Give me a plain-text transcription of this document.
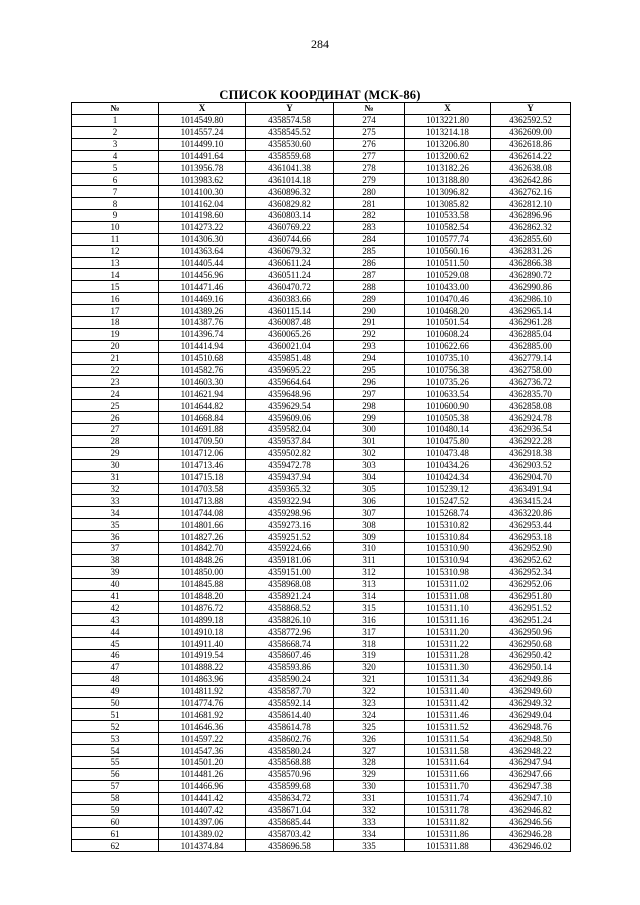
284
СПИСОК КООРДИНАТ (МСК-86)
№	X	Y	№	X	Y
1	1014549.80	4358574.58	274	1013221.80	4362592.52
2	1014557.24	4358545.52	275	1013214.18	4362609.00
3	1014499.10	4358530.60	276	1013206.80	4362618.86
4	1014491.64	4358559.68	277	1013200.62	4362614.22
5	1013956.78	4361041.38	278	1013182.26	4362638.08
6	1013983.62	4361014.18	279	1013188.80	4362642.86
7	1014100.30	4360896.32	280	1013096.82	4362762.16
8	1014162.04	4360829.82	281	1013085.82	4362812.10
9	1014198.60	4360803.14	282	1010533.58	4362896.96
10	1014273.22	4360769.22	283	1010582.54	4362862.32
11	1014306.30	4360744.66	284	1010577.74	4362855.60
12	1014363.64	4360679.32	285	1010560.16	4362831.26
13	1014405.44	4360611.24	286	1010511.50	4362866.38
14	1014456.96	4360511.24	287	1010529.08	4362890.72
15	1014471.46	4360470.72	288	1010433.00	4362990.86
16	1014469.16	4360383.66	289	1010470.46	4362986.10
17	1014389.26	4360115.14	290	1010468.20	4362965.14
18	1014387.76	4360087.48	291	1010501.54	4362961.28
19	1014396.74	4360065.26	292	1010608.24	4362885.04
20	1014414.94	4360021.04	293	1010622.66	4362885.00
21	1014510.68	4359851.48	294	1010735.10	4362779.14
22	1014582.76	4359695.22	295	1010756.38	4362758.00
23	1014603.30	4359664.64	296	1010735.26	4362736.72
24	1014621.94	4359648.96	297	1010633.54	4362835.70
25	1014644.82	4359629.54	298	1010600.90	4362858.08
26	1014668.84	4359609.06	299	1010505.38	4362924.78
27	1014691.88	4359582.04	300	1010480.14	4362936.54
28	1014709.50	4359537.84	301	1010475.80	4362922.28
29	1014712.06	4359502.82	302	1010473.48	4362918.38
30	1014713.46	4359472.78	303	1010434.26	4362903.52
31	1014715.18	4359437.94	304	1010424.34	4362904.70
32	1014703.58	4359365.32	305	1015239.12	4363491.94
33	1014713.88	4359322.94	306	1015247.52	4363415.24
34	1014744.08	4359298.96	307	1015268.74	4363220.86
35	1014801.66	4359273.16	308	1015310.82	4362953.44
36	1014827.26	4359251.52	309	1015310.84	4362953.18
37	1014842.70	4359224.66	310	1015310.90	4362952.90
38	1014848.26	4359181.06	311	1015310.94	4362952.62
39	1014850.00	4359151.00	312	1015310.98	4362952.34
40	1014845.88	4358968.08	313	1015311.02	4362952.06
41	1014848.20	4358921.24	314	1015311.08	4362951.80
42	1014876.72	4358868.52	315	1015311.10	4362951.52
43	1014899.18	4358826.10	316	1015311.16	4362951.24
44	1014910.18	4358772.96	317	1015311.20	4362950.96
45	1014911.40	4358668.74	318	1015311.22	4362950.68
46	1014919.54	4358607.46	319	1015311.28	4362950.42
47	1014888.22	4358593.86	320	1015311.30	4362950.14
48	1014863.96	4358590.24	321	1015311.34	4362949.86
49	1014811.92	4358587.70	322	1015311.40	4362949.60
50	1014774.76	4358592.14	323	1015311.42	4362949.32
51	1014681.92	4358614.40	324	1015311.46	4362949.04
52	1014646.36	4358614.78	325	1015311.52	4362948.76
53	1014597.22	4358602.76	326	1015311.54	4362948.50
54	1014547.36	4358580.24	327	1015311.58	4362948.22
55	1014501.20	4358568.88	328	1015311.64	4362947.94
56	1014481.26	4358570.96	329	1015311.66	4362947.66
57	1014466.96	4358599.68	330	1015311.70	4362947.38
58	1014441.42	4358634.72	331	1015311.74	4362947.10
59	1014407.42	4358671.04	332	1015311.78	4362946.82
60	1014397.06	4358685.44	333	1015311.82	4362946.56
61	1014389.02	4358703.42	334	1015311.86	4362946.28
62	1014374.84	4358696.58	335	1015311.88	4362946.02
